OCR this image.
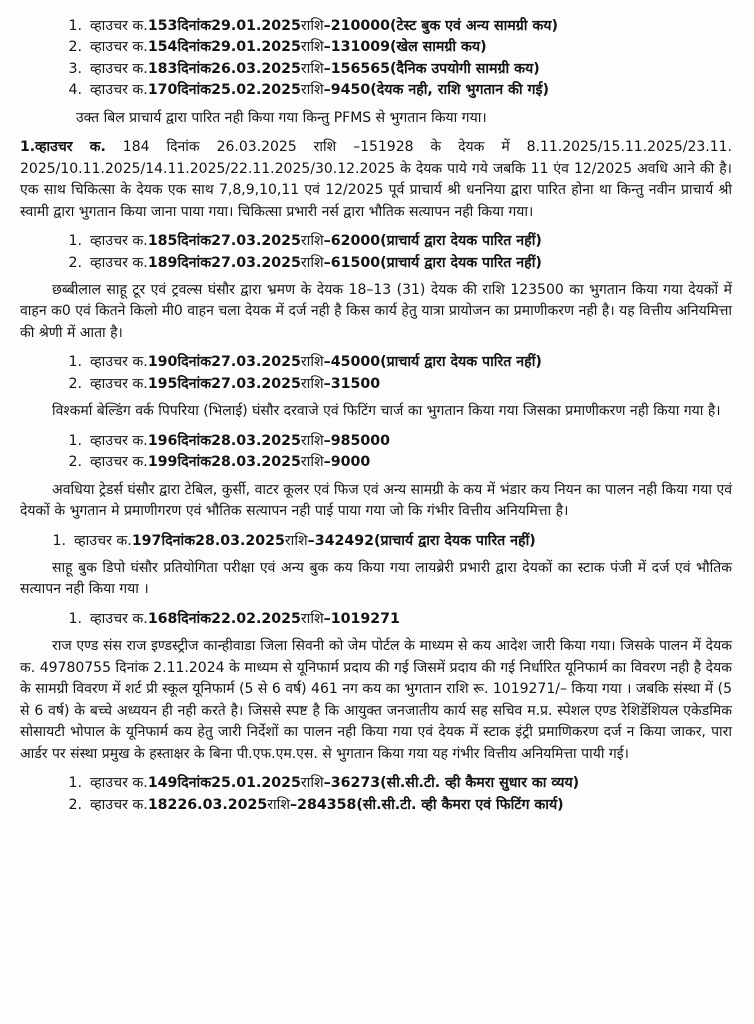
1. व्हाउचर क. 153 दिनांक 29.01.2025 राशि –210000 (टेस्ट बुक एवं अन्य सामग्री कय)
2. व्हाउचर क. 154 दिनांक 29.01.2025 राशि –131009 (खेल सामग्री कय)
3. व्हाउचर क. 183 दिनांक 26.03.2025 राशि –156565 (दैनिक उपयोगी सामग्री कय)
4. व्हाउचर क. 170 दिनांक 25.02.2025 राशि –9450 (देयक नही, राशि भुगतान की गई)

उक्त बिल प्राचार्य द्वारा पारित नही किया गया किन्तु PFMS से भुगतान किया गया।

1.व्हाउचर क. 184 दिनांक 26.03.2025 राशि –151928 के देयक में 8.11.2025/15.11.2025/23.11. 2025/10.11.2025/14.11.2025/22.11.2025/30.12.2025 के देयक पाये गये जबकि 11 एंव 12/2025 अवधि आने की है। एक साथ चिकित्सा के देयक एक साथ 7,8,9,10,11 एवं 12/2025 पूर्व प्राचार्य श्री धननिया द्वारा पारित होना था किन्तु नवीन प्राचार्य श्री स्वामी द्वारा भुगतान किया जाना पाया गया। चिकित्सा प्रभारी नर्स द्वारा भौतिक सत्यापन नही किया गया।

1. व्हाउचर क. 185 दिनांक 27.03.2025 राशि –62000 (प्राचार्य द्वारा देयक पारित नहीं)
2. व्हाउचर क. 189 दिनांक 27.03.2025 राशि –61500 (प्राचार्य द्वारा देयक पारित नहीं)

छब्बीलाल साहू टूर एवं ट्रवल्स घंसौर द्वारा भ्रमण के देयक 18–13 (31) देयक की राशि 123500 का भुगतान किया गया देयकों में वाहन क0 एवं कितने किलो मी0 वाहन चला देयक में दर्ज नही है किस कार्य हेतु यात्रा प्रायोजन का प्रमाणीकरण नही है। यह वित्तीय अनियमित्ता की श्रेणी में आता है।

1. व्हाउचर क. 190 दिनांक 27.03.2025 राशि –45000 (प्राचार्य द्वारा देयक पारित नहीं)
2. व्हाउचर क. 195 दिनांक 27.03.2025 राशि –31500

विश्कर्मा बेल्डिंग वर्क पिपरिया (भिलाई) घंसौर दरवाजे एवं फिटिंग चार्ज का भुगतान किया गया जिसका प्रमाणीकरण नही किया गया है।

1. व्हाउचर क. 196 दिनांक 28.03.2025 राशि –985000
2. व्हाउचर क. 199 दिनांक 28.03.2025 राशि –9000

अवधिया ट्रेडर्स घंसौर द्वारा टेबिल, कुर्सी, वाटर कूलर एवं फिज एवं अन्य सामग्री के कय में भंडार कय नियन का पालन नही किया गया एवं देयकों के भुगतान मे प्रमाणीगरण एवं भौतिक सत्यापन नही पाई पाया गया जो कि गंभीर वित्तीय अनियमित्ता है।

1. व्हाउचर क. 197 दिनांक 28.03.2025 राशि –342492 (प्राचार्य द्वारा देयक पारित नहीं)

साहू बुक डिपो घंसौर प्रतियोगिता परीक्षा एवं अन्य बुक कय किया गया लायब्रेरी प्रभारी द्वारा देयकों का स्टाक पंजी में दर्ज एवं भौतिक सत्यापन नही किया गया ।

1. व्हाउचर क. 168 दिनांक 22.02.2025 राशि –1019271

राज एण्ड संस राज इण्डस्ट्रीज कान्हीवाडा जिला सिवनी को जेम पोर्टल के माध्यम से कय आदेश जारी किया गया। जिसके पालन में देयक क. 49780755 दिनांक 2.11.2024 के माध्यम से यूनिफार्म प्रदाय की गई जिसमें प्रदाय की गई निर्धारित यूनिफार्म का विवरण नही है देयक के सामग्री विवरण में शर्ट प्री स्कूल यूनिफार्म (5 से 6 वर्ष) 461 नग कय का भुगतान राशि रू. 1019271/– किया गया । जबकि संस्था में (5 से 6 वर्ष) के बच्चे अध्ययन ही नही करते है। जिससे स्पष्ट है कि आयुक्त जनजातीय कार्य सह सचिव म.प्र. स्पेशल एण्ड रेशिडेंशियल एकेडमिक सोसायटी भोपाल के यूनिफार्म कय हेतु जारी निर्देशों का पालन नही किया गया एवं देयक में स्टाक इंट्री प्रमाणिकरण दर्ज न किया जाकर, पारा आर्डर पर संस्था प्रमुख के हस्ताक्षर के बिना पी.एफ.एम.एस. से भुगतान किया गया यह गंभीर वित्तीय अनियमित्ता पायी गई।

1. व्हाउचर क. 149 दिनांक 25.01.2025 राशि –36273 (सी.सी.टी. व्ही कैमरा सुधार का व्यय)
2. व्हाउचर क. 182 26.03.2025 राशि –284358 (सी.सी.टी. व्ही कैमरा एवं फिटिंग कार्य)
